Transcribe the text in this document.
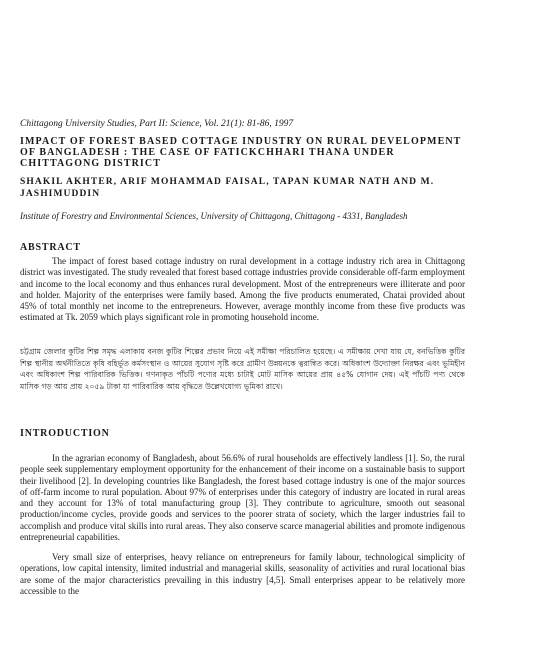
Chittagong University Studies, Part II: Science, Vol. 21(1): 81-86, 1997
IMPACT OF FOREST BASED COTTAGE INDUSTRY ON RURAL DEVELOPMENT OF BANGLADESH : THE CASE OF FATICKCHHARI THANA UNDER CHITTAGONG DISTRICT
SHAKIL AKHTER, ARIF MOHAMMAD FAISAL, TAPAN KUMAR NATH AND M. JASHIMUDDIN
Institute of Forestry and Environmental Sciences, University of Chittagong, Chittagong - 4331, Bangladesh
ABSTRACT
The impact of forest based cottage industry on rural development in a cottage industry rich area in Chittagong district was investigated. The study revealed that forest based cottage industries provide considerable off-farm employment and income to the local economy and thus enhances rural development. Most of the entrepreneurs were illiterate and poor and holder. Majority of the enterprises were family based. Among the five products enumerated, Chatai provided about 45% of total monthly net income to the entrepreneurs. However, average monthly income from these five products was estimated at Tk. 2059 which plays significant role in promoting household income.
চট্টগ্রাম জেলার কুটির শিল্প সমৃদ্ধ এলাকায় বনজ কুটির শিল্পের প্রভাব নিয়ে এই সমীক্ষা পরিচালিত হয়েছে। এ সমীক্ষায় দেখা যায় যে, বনভিত্তিক কুটির শিল্প স্থানীয় অর্থনীতিতে কৃষি বহির্ভূত কর্মসংস্থান ও আয়ের সুযোগ সৃষ্টি করে গ্রামীণ উন্নয়নকে ত্বরান্বিত করে। অধিকাংশ উদ্যোক্তা নিরক্ষর এবং ভূমিহীন এবং অধিকাংশ শিল্প পারিবারিক ভিত্তিক। গণনাকৃত পাঁচটি পণ্যের মধ্যে চাটাই মোট মাসিক আয়ের প্রায় ৪৫% যোগান দেয়। এই পাঁচটি পণ্য থেকে মাসিক গড় আয় প্রায় ২০৫৯ টাকা যা পারিবারিক আয় বৃদ্ধিতে উল্লেখযোগ্য ভূমিকা রাখে।
INTRODUCTION
In the agrarian economy of Bangladesh, about 56.6% of rural households are effectively landless [1]. So, the rural people seek supplementary employment opportunity for the enhancement of their income on a sustainable basis to support their livelihood [2]. In developing countries like Bangladesh, the forest based cottage industry is one of the major sources of off-farm income to rural population. About 97% of enterprises under this category of industry are located in rural areas and they account for 13% of total manufacturing group [3]. They contribute to agriculture, smooth out seasonal production/income cycles, provide goods and services to the poorer strata of society, which the larger industries fail to accomplish and produce vital skills into rural areas. They also conserve scarce managerial abilities and promote indigenous entrepreneurial capabilities.
Very small size of enterprises, heavy reliance on entrepreneurs for family labour, technological simplicity of operations, low capital intensity, limited industrial and managerial skills, seasonality of activities and rural locational bias are some of the major characteristics prevailing in this industry [4,5]. Small enterprises appear to be relatively more accessible to the
